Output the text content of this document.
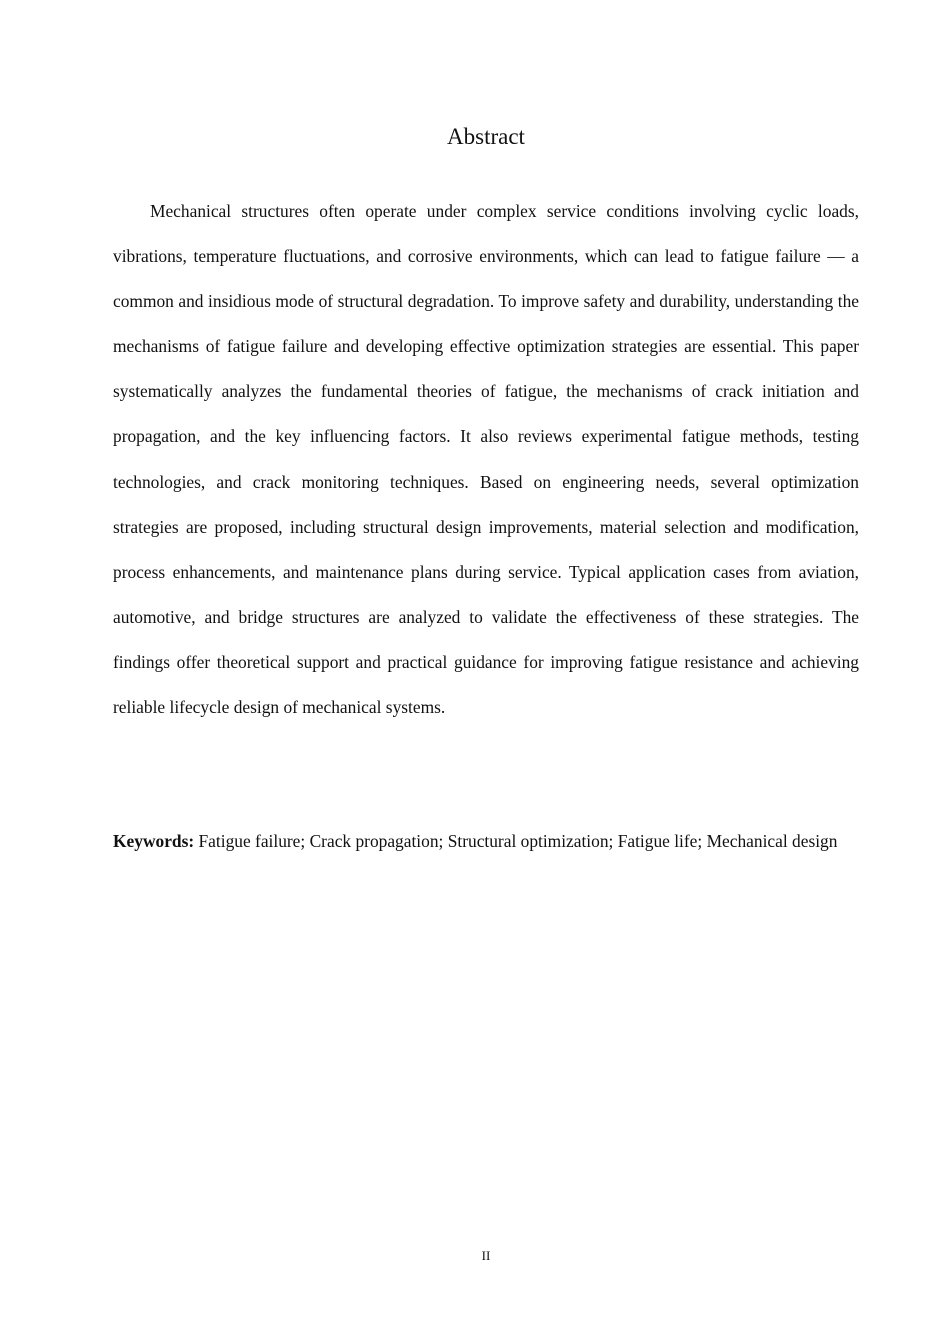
Abstract

Mechanical structures often operate under complex service conditions involving cyclic loads, vibrations, temperature fluctuations, and corrosive environments, which can lead to fatigue failure — a common and insidious mode of structural degradation. To improve safety and durability, understanding the mechanisms of fatigue failure and developing effective optimization strategies are essential. This paper systematically analyzes the fundamental theories of fatigue, the mechanisms of crack initiation and propagation, and the key influencing factors. It also reviews experimental fatigue methods, testing technologies, and crack monitoring techniques. Based on engineering needs, several optimization strategies are proposed, including structural design improvements, material selection and modification, process enhancements, and maintenance plans during service. Typical application cases from aviation, automotive, and bridge structures are analyzed to validate the effectiveness of these strategies. The findings offer theoretical support and practical guidance for improving fatigue resistance and achieving reliable lifecycle design of mechanical systems.

Keywords: Fatigue failure; Crack propagation; Structural optimization; Fatigue life; Mechanical design

II
